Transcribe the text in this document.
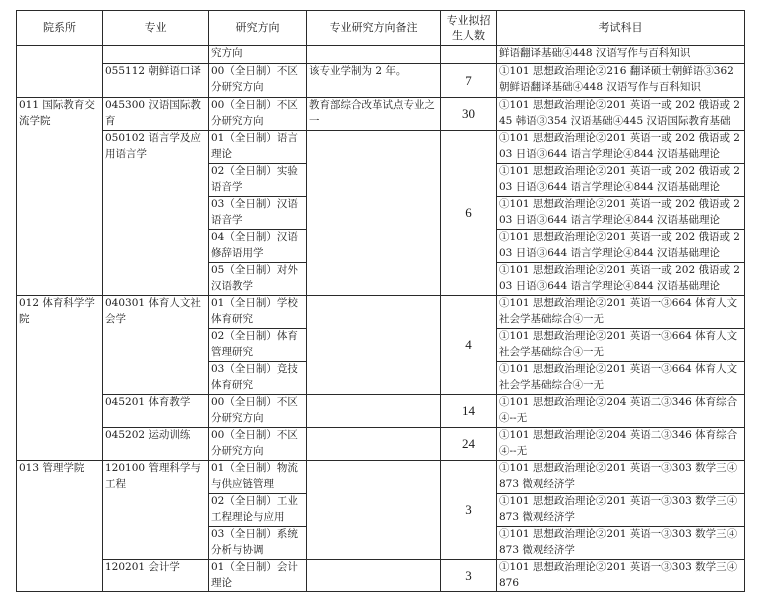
院系所	专业	研究方向	专业研究方向备注	专业拟招生人数	考试科目
		究方向			鲜语翻译基础④448 汉语写作与百科知识
	055112 朝鲜语口译	00（全日制）不区分研究方向	该专业学制为 2 年。	7	①101 思想政治理论②216 翻译硕士朝鲜语③362 朝鲜语翻译基础④448 汉语写作与百科知识
011 国际教育交流学院	045300 汉语国际教育	00（全日制）不区分研究方向	教育部综合改革试点专业之一	30	①101 思想政治理论②201 英语一或 202 俄语或 245 韩语③354 汉语基础④445 汉语国际教育基础
	050102 语言学及应用语言学	01（全日制）语言理论		6	①101 思想政治理论②201 英语一或 202 俄语或 203 日语③644 语言学理论④844 汉语基础理论
		02（全日制）实验语音学			①101 思想政治理论②201 英语一或 202 俄语或 203 日语③644 语言学理论④844 汉语基础理论
		03（全日制）汉语语音学			①101 思想政治理论②201 英语一或 202 俄语或 203 日语③644 语言学理论④844 汉语基础理论
		04（全日制）汉语修辞语用学			①101 思想政治理论②201 英语一或 202 俄语或 203 日语③644 语言学理论④844 汉语基础理论
		05（全日制）对外汉语教学			①101 思想政治理论②201 英语一或 202 俄语或 203 日语③644 语言学理论④844 汉语基础理论
012 体育科学学院	040301 体育人文社会学	01（全日制）学校体育研究		4	①101 思想政治理论②201 英语一③664 体育人文社会学基础综合④一无
		02（全日制）体育管理研究			①101 思想政治理论②201 英语一③664 体育人文社会学基础综合④一无
		03（全日制）竞技体育研究			①101 思想政治理论②201 英语一③664 体育人文社会学基础综合④一无
	045201 体育教学	00（全日制）不区分研究方向		14	①101 思想政治理论②204 英语二③346 体育综合④--无
	045202 运动训练	00（全日制）不区分研究方向		24	①101 思想政治理论②204 英语二③346 体育综合④--无
013 管理学院	120100 管理科学与工程	01（全日制）物流与供应链管理		3	①101 思想政治理论②201 英语一③303 数学三④873 微观经济学
		02（全日制）工业工程理论与应用			①101 思想政治理论②201 英语一③303 数学三④873 微观经济学
		03（全日制）系统分析与协调			①101 思想政治理论②201 英语一③303 数学三④873 微观经济学
	120201 会计学	01（全日制）会计理论		3	①101 思想政治理论②201 英语一③303 数学三④876
